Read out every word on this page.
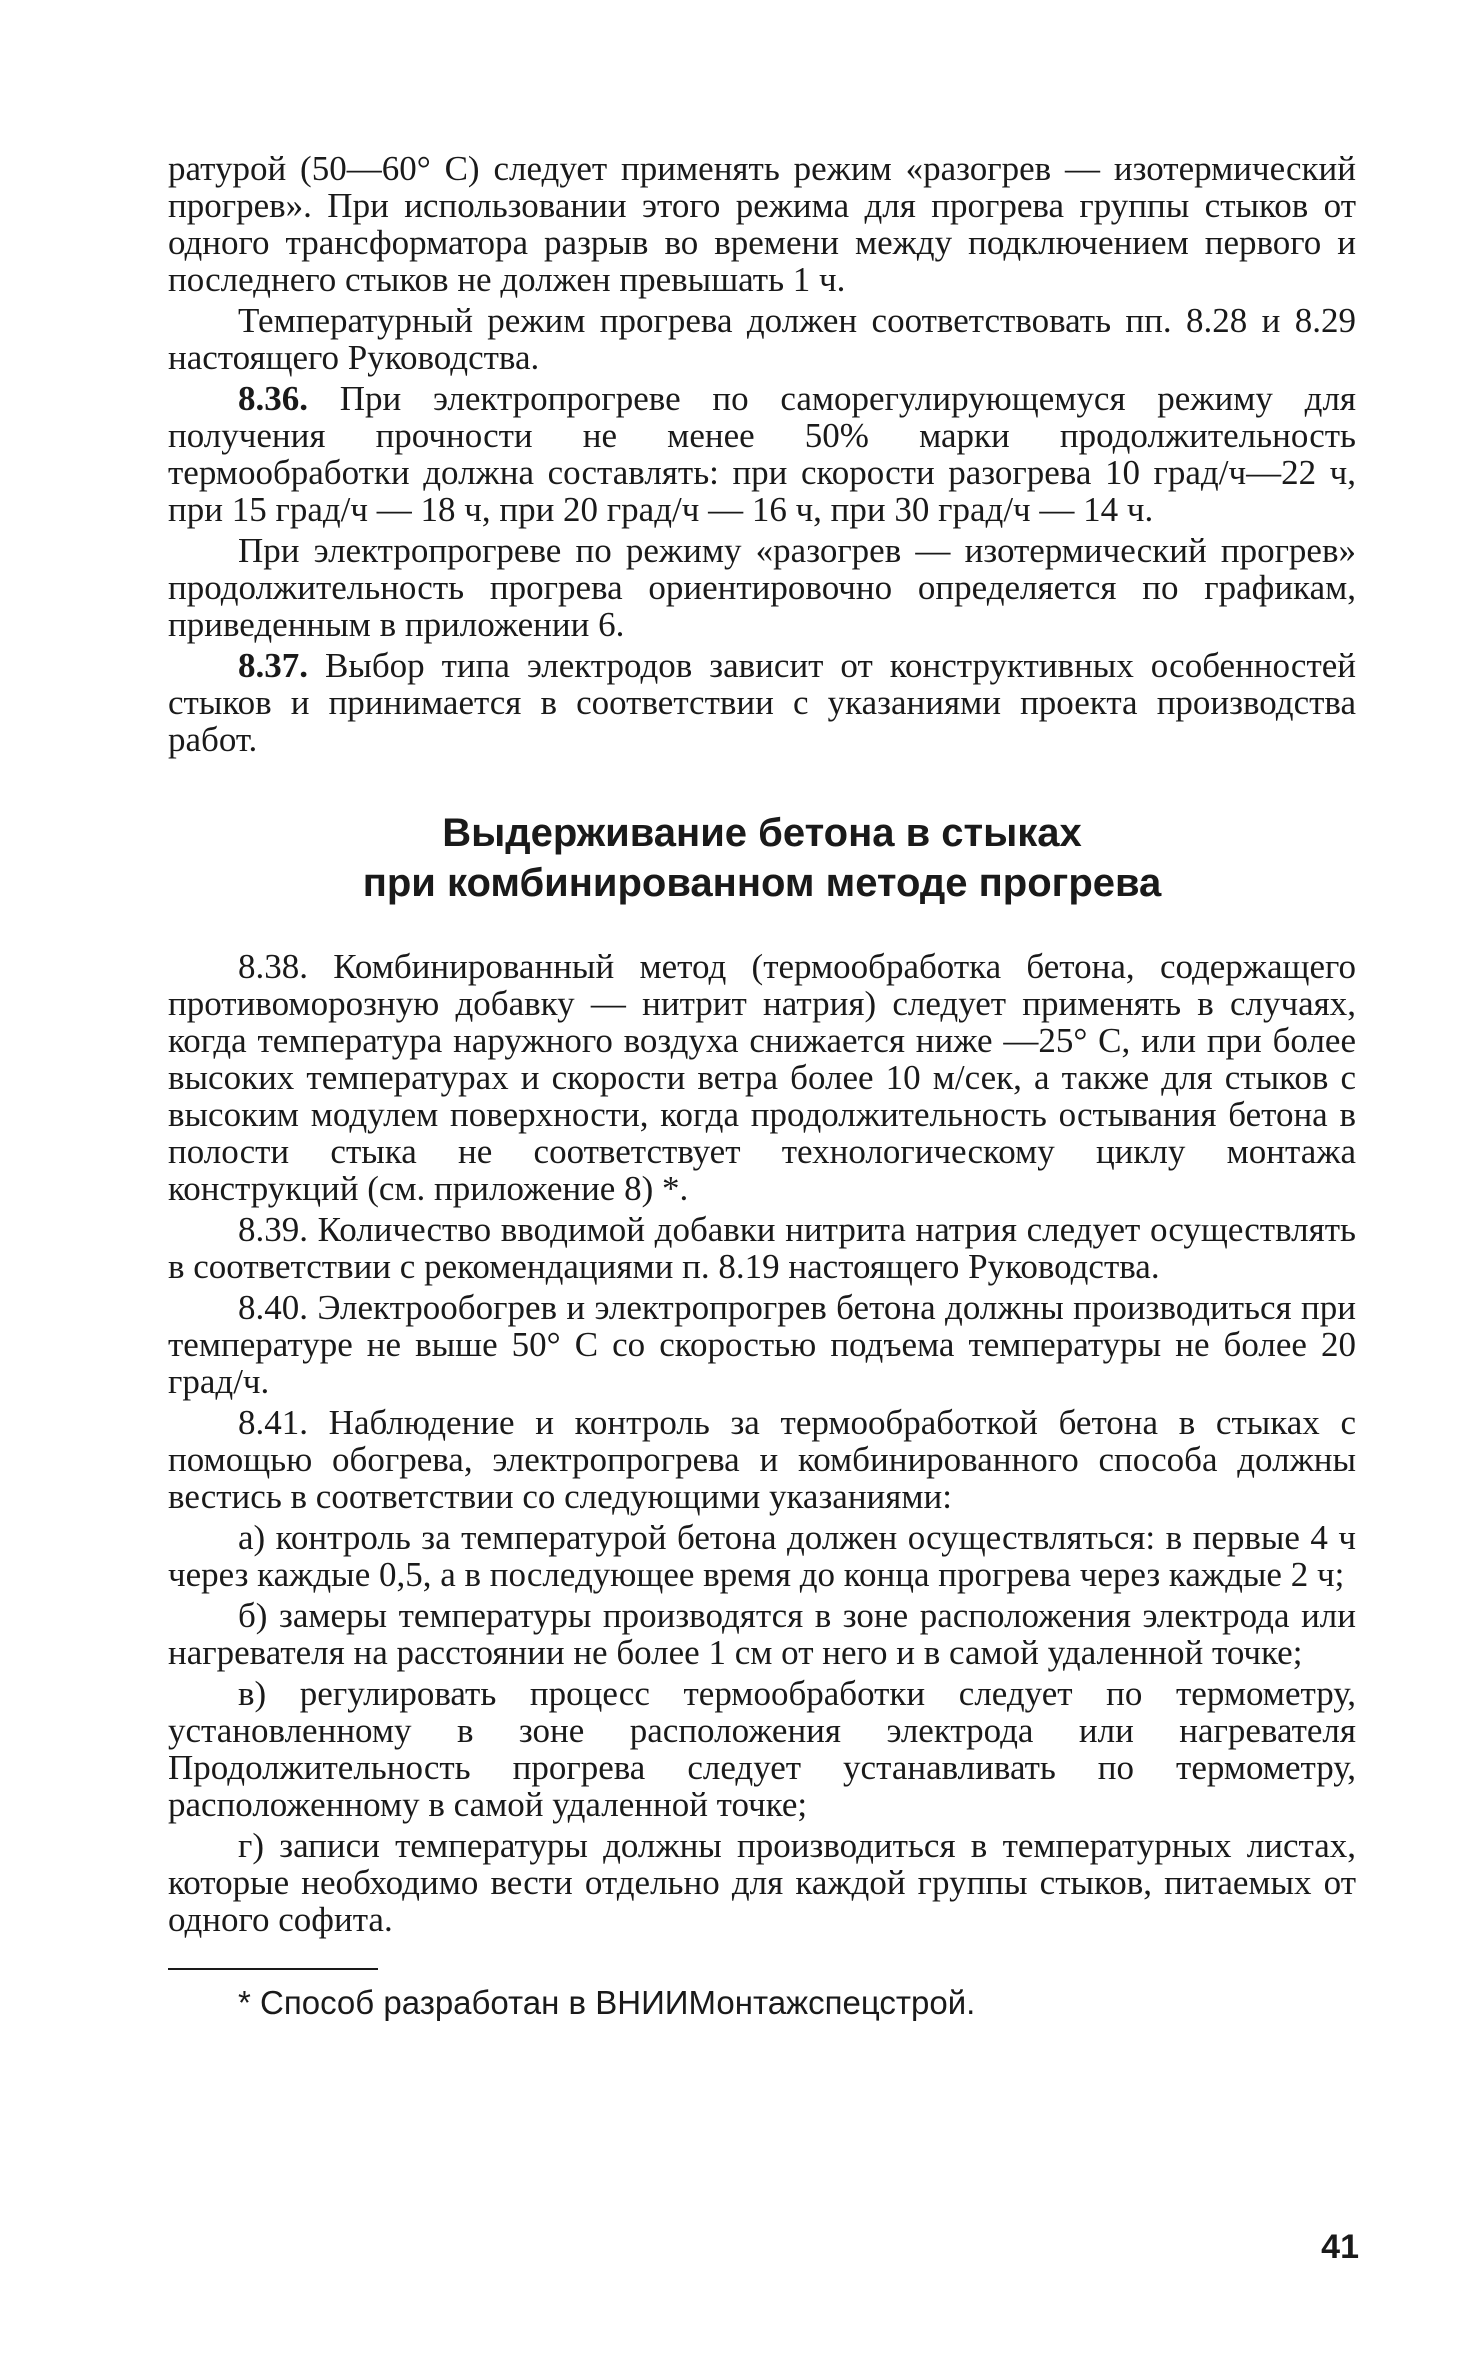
ратурой (50—60° С) следует применять режим «разогрев — изотермический прогрев». При использовании этого режима для прогрева группы стыков от одного трансформатора разрыв во времени между подключением первого и последнего стыков не должен превышать 1 ч.

Температурный режим прогрева должен соответствовать пп. 8.28 и 8.29 настоящего Руководства.

8.36. При электропрогреве по саморегулирующемуся режиму для получения прочности не менее 50% марки продолжительность термообработки должна составлять: при скорости разогрева 10 град/ч—22 ч, при 15 град/ч — 18 ч, при 20 град/ч — 16 ч, при 30 град/ч — 14 ч.

При электропрогреве по режиму «разогрев — изотермический прогрев» продолжительность прогрева ориентировочно определяется по графикам, приведенным в приложении 6.

8.37. Выбор типа электродов зависит от конструктивных особенностей стыков и принимается в соответствии с указаниями проекта производства работ.

Выдерживание бетона в стыках
при комбинированном методе прогрева

8.38. Комбинированный метод (термообработка бетона, содержащего противоморозную добавку — нитрит натрия) следует применять в случаях, когда температура наружного воздуха снижается ниже —25° С, или при более высоких температурах и скорости ветра более 10 м/сек, а также для стыков с высоким модулем поверхности, когда продолжительность остывания бетона в полости стыка не соответствует технологическому циклу монтажа конструкций (см. приложение 8) *.

8.39. Количество вводимой добавки нитрита натрия следует осуществлять в соответствии с рекомендациями п. 8.19 настоящего Руководства.

8.40. Электрообогрев и электропрогрев бетона должны производиться при температуре не выше 50° С со скоростью подъема температуры не более 20 град/ч.

8.41. Наблюдение и контроль за термообработкой бетона в стыках с помощью обогрева, электропрогрева и комбинированного способа должны вестись в соответствии со следующими указаниями:

а) контроль за температурой бетона должен осуществляться: в первые 4 ч через каждые 0,5, а в последующее время до конца прогрева через каждые 2 ч;

б) замеры температуры производятся в зоне расположения электрода или нагревателя на расстоянии не более 1 см от него и в самой удаленной точке;

в) регулировать процесс термообработки следует по термометру, установленному в зоне расположения электрода или нагревателя Продолжительность прогрева следует устанавливать по термометру, расположенному в самой удаленной точке;

г) записи температуры должны производиться в температурных листах, которые необходимо вести отдельно для каждой группы стыков, питаемых от одного софита.

* Способ разработан в ВНИИМонтажспецстрой.

41
